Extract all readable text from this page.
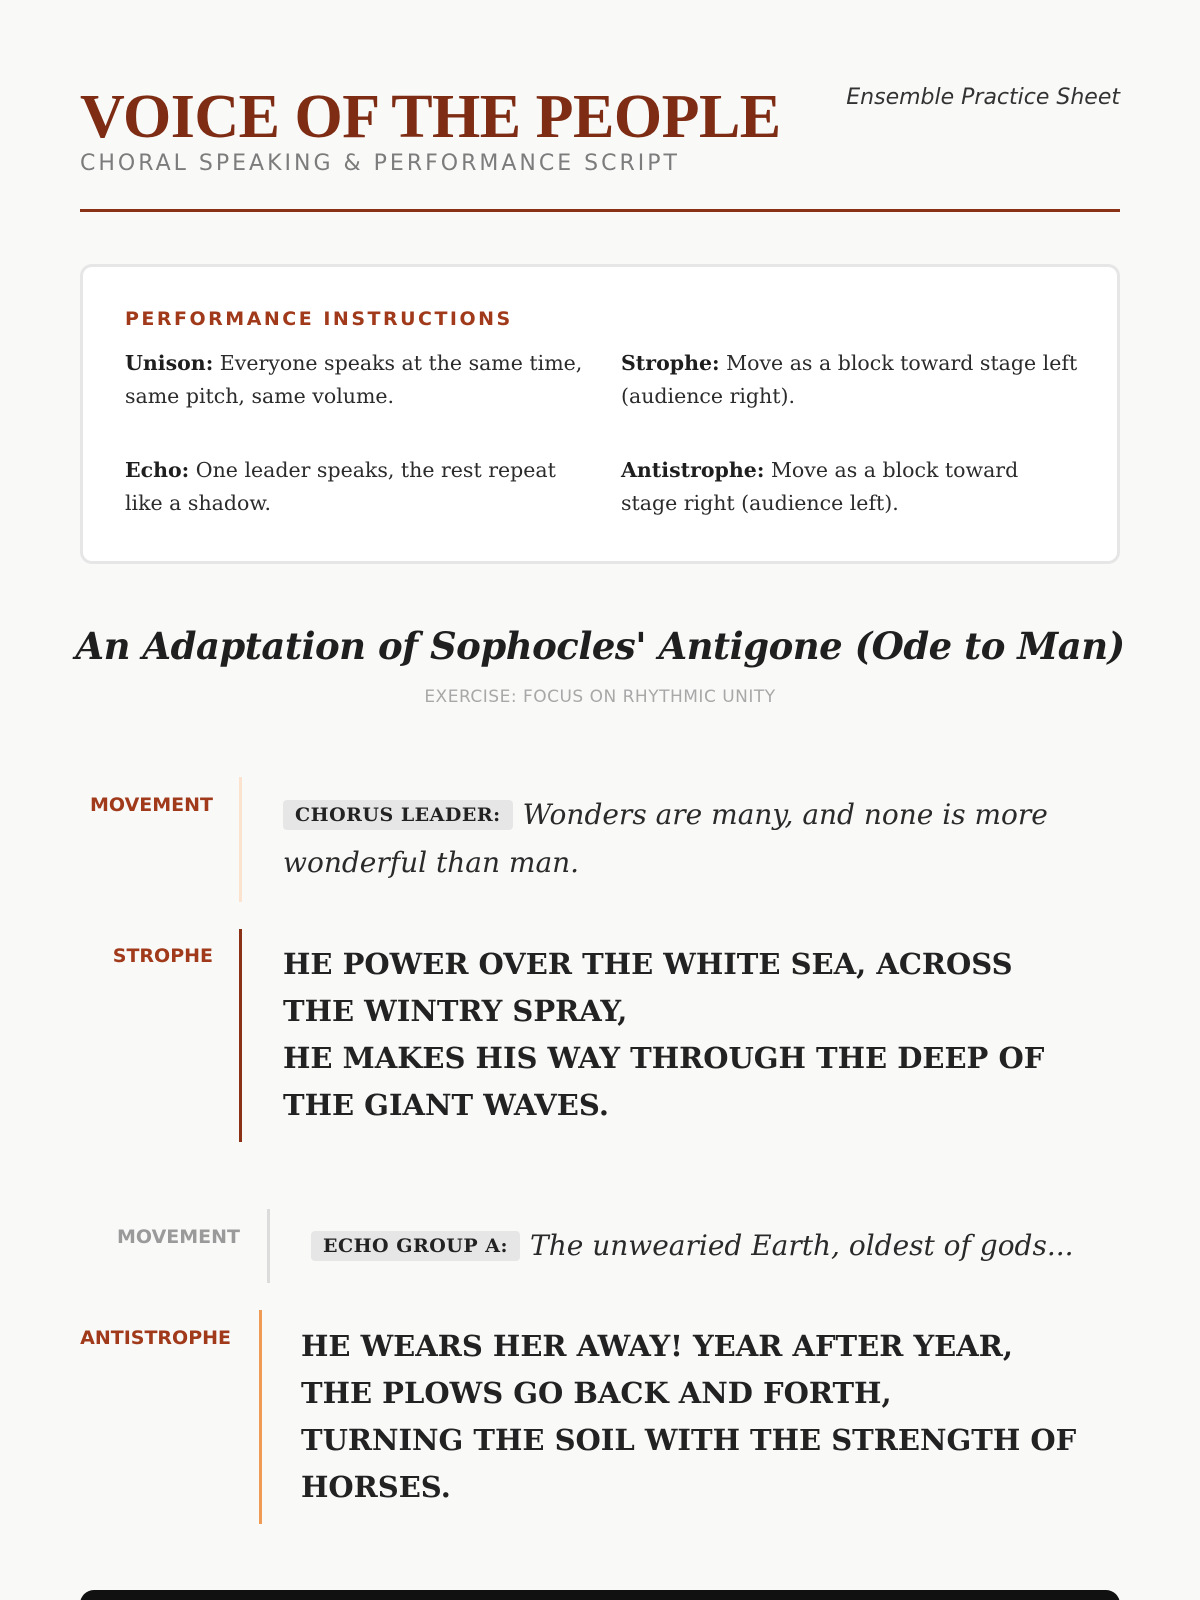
VOICE OF THE PEOPLE
CHORAL SPEAKING & PERFORMANCE SCRIPT
Ensemble Practice Sheet
PERFORMANCE INSTRUCTIONS

Unison: Everyone speaks at the same time, same pitch, same volume.

Strophe: Move as a block toward stage left (audience right).

Echo: One leader speaks, the rest repeat like a shadow.

Antistrophe: Move as a block toward stage right (audience left).

An Adaptation of Sophocles' Antigone (Ode to Man)
EXERCISE: FOCUS ON RHYTHMIC UNITY
MOVEMENT	CHORUS LEADER: Wonders are many, and none is more wonderful than man.
STROPHE HE POWER OVER THE WHITE SEA, ACROSS THE WINTRY SPRAY,
HE MAKES HIS WAY THROUGH THE DEEP OF THE GIANT WAVES.
MOVEMENT	ECHO GROUP A: The unwearied Earth, oldest of gods...
ANTISTROPHE HE WEARS HER AWAY! YEAR AFTER YEAR, THE PLOWS GO BACK AND FORTH,
TURNING THE SOIL WITH THE STRENGTH OF HORSES.
